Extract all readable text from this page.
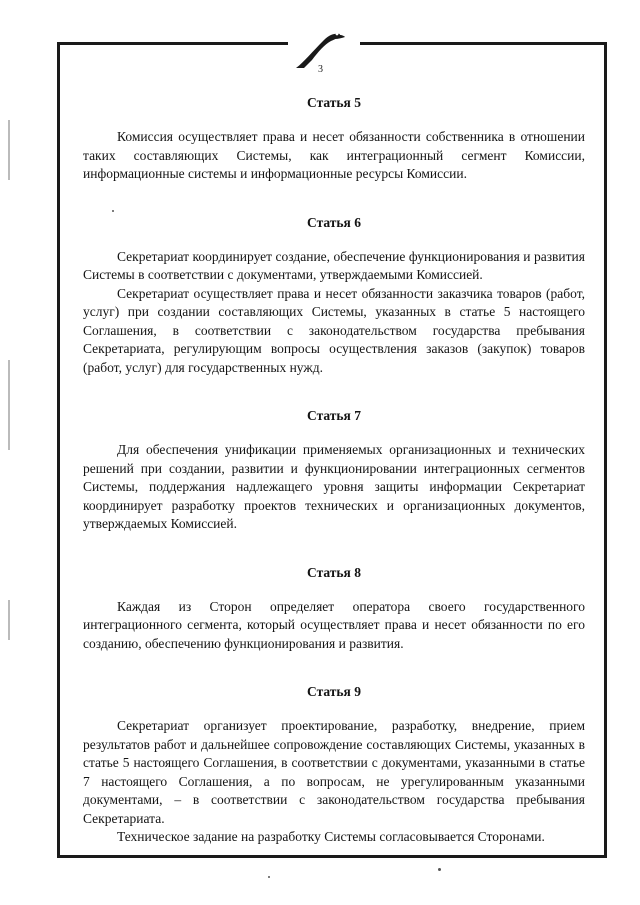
3
Статья 5

Комиссия осуществляет права и несет обязанности собственника в отношении таких составляющих Системы, как интеграционный сегмент Комиссии, информационные системы и информационные ресурсы Комиссии.

Статья 6

Секретариат координирует создание, обеспечение функционирования и развития Системы в соответствии с документами, утверждаемыми Комиссией.

Секретариат осуществляет права и несет обязанности заказчика товаров (работ, услуг) при создании составляющих Системы, указанных в статье 5 настоящего Соглашения, в соответствии с законодательством государства пребывания Секретариата, регулирующим вопросы осуществления заказов (закупок) товаров (работ, услуг) для государственных нужд.

Статья 7

Для обеспечения унификации применяемых организационных и технических решений при создании, развитии и функционировании интеграционных сегментов Системы, поддержания надлежащего уровня защиты информации Секретариат координирует разработку проектов технических и организационных документов, утверждаемых Комиссией.

Статья 8

Каждая из Сторон определяет оператора своего государственного интеграционного сегмента, который осуществляет права и несет обязанности по его созданию, обеспечению функционирования и развития.

Статья 9

Секретариат организует проектирование, разработку, внедрение, прием результатов работ и дальнейшее сопровождение составляющих Системы, указанных в статье 5 настоящего Соглашения, в соответствии с документами, указанными в статье 7 настоящего Соглашения, а по вопросам, не урегулированным указанными документами, – в соответствии с законодательством государства пребывания Секретариата.

Техническое задание на разработку Системы согласовывается Сторонами.
